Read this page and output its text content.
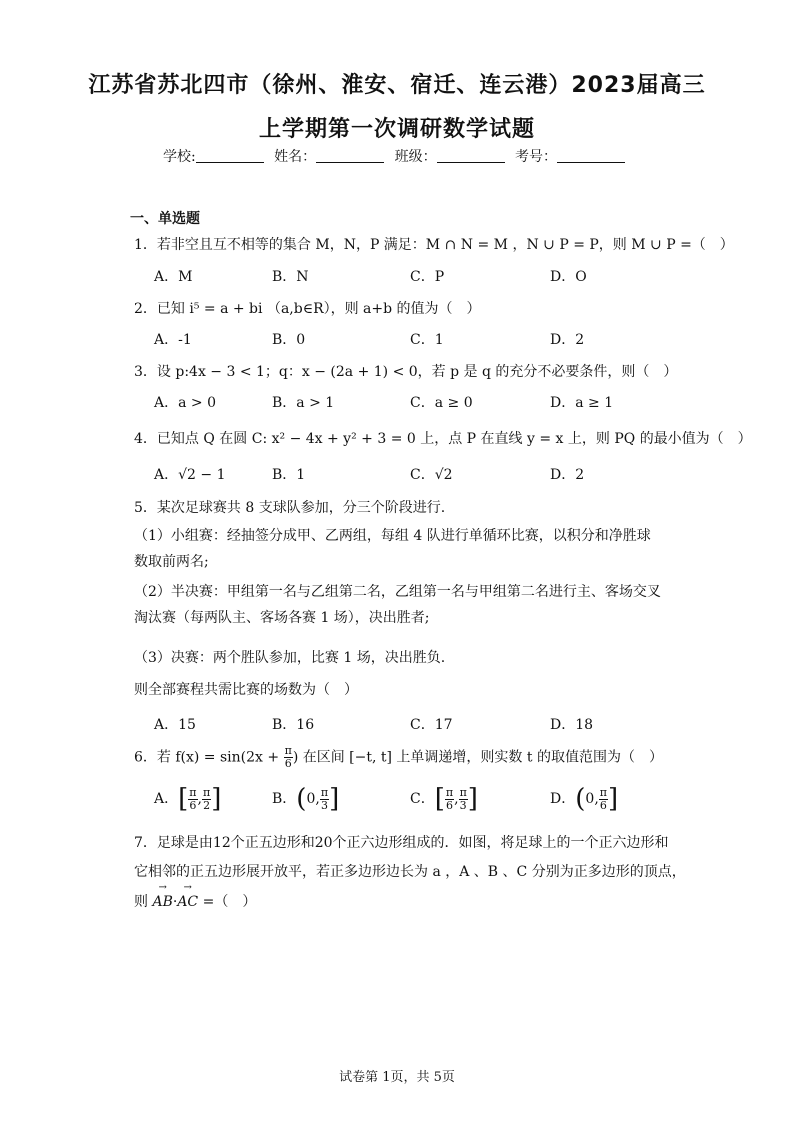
江苏省苏北四市（徐州、淮安、宿迁、连云港）2023届高三
上学期第一次调研数学试题
学校:	姓名：	班级：	考号：
一、单选题
1．若非空且互不相等的集合 M，N，P 满足：M ∩ N = M ，N ∪ P = P，则 M ∪ P =（　）
A．M	B．N	C．P	D．O
2．已知 i⁵ = a + bi （a,b∈R），则 a+b 的值为（　）
A．-1	B．0	C．1	D．2
3．设 p:4x − 3 < 1；q：x − (2a + 1) < 0，若 p 是 q 的充分不必要条件，则（　）
A．a > 0	B．a > 1	C．a ≥ 0	D．a ≥ 1
4．已知点 Q 在圆 C: x² − 4x + y² + 3 = 0 上，点 P 在直线 y = x 上，则 PQ 的最小值为（　）
A．√2 − 1	B．1	C．√2	D．2
5．某次足球赛共 8 支球队参加，分三个阶段进行.
（1）小组赛：经抽签分成甲、乙两组，每组 4 队进行单循环比赛，以积分和净胜球数取前两名;
（2）半决赛：甲组第一名与乙组第二名，乙组第一名与甲组第二名进行主、客场交叉淘汰赛（每两队主、客场各赛 1 场），决出胜者;
（3）决赛：两个胜队参加，比赛 1 场，决出胜负.
则全部赛程共需比赛的场数为（　）
A．15	B．16	C．17	D．18
6．若 $f(x) = \sin(2x + \frac{\pi}{6}$ ) 在区间 [−t, t] 上单调递增，则实数 t 的取值范围为（　）
A．[ $\frac{\pi}{6}$ , $\frac{\pi}{2}$ ]	B．(0, $\frac{\pi}{3}$ ]	C．[ $\frac{\pi}{6}$ , $\frac{\pi}{3}$ ]	D．(0, $\frac{\pi}{6}$ ]
7．足球是由12个正五边形和20个正六边形组成的．如图，将足球上的一个正六边形和
它相邻的正五边形展开放平，若正多边形边长为 a ，A 、B 、C 分别为正多边形的顶点，
则 → AB·→ AC =（　）
试卷第 1页，共 5页
